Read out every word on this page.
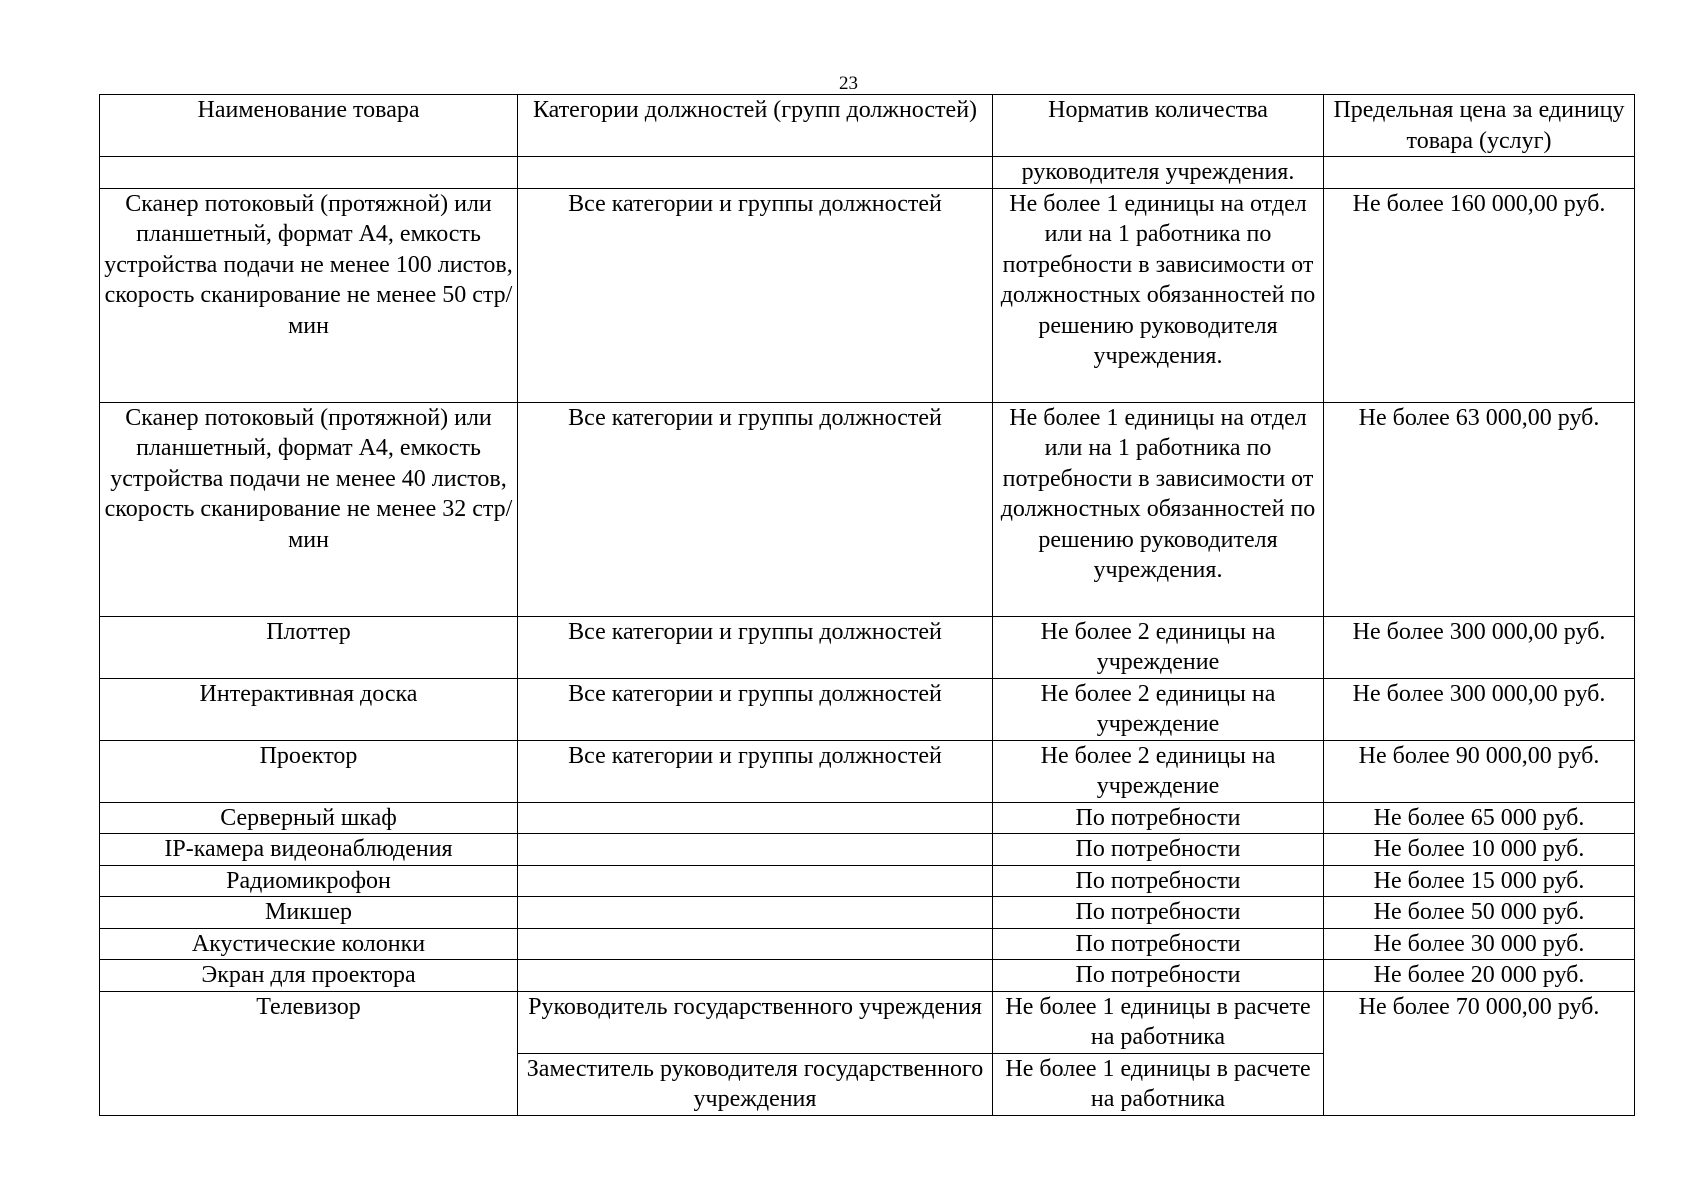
23
Наименование товара	Категории должностей (групп должностей)	Норматив количества	Предельная цена за единицу товара (услуг)
		руководителя учреждения.	
Сканер потоковый (протяжной) или планшетный, формат А4, емкость устройства подачи не менее 100 листов, скорость сканирование не менее 50 стр/мин	Все категории и группы должностей	Не более 1 единицы на отдел или на 1 работника по потребности в зависимости от должностных обязанностей по решению руководителя учреждения.	Не более 160 000,00 руб.
Сканер потоковый (протяжной) или планшетный, формат А4, емкость устройства подачи не менее 40 листов, скорость сканирование не менее 32 стр/мин	Все категории и группы должностей	Не более 1 единицы на отдел или на 1 работника по потребности в зависимости от должностных обязанностей по решению руководителя учреждения.	Не более 63 000,00 руб.
Плоттер	Все категории и группы должностей	Не более 2 единицы на учреждение	Не более 300 000,00 руб.
Интерактивная доска	Все категории и группы должностей	Не более 2 единицы на учреждение	Не более 300 000,00 руб.
Проектор	Все категории и группы должностей	Не более 2 единицы на учреждение	Не более 90 000,00 руб.
Серверный шкаф		По потребности	Не более 65 000 руб.
IP-камера видеонаблюдения		По потребности	Не более 10 000 руб.
Радиомикрофон		По потребности	Не более 15 000 руб.
Микшер		По потребности	Не более 50 000 руб.
Акустические колонки		По потребности	Не более 30 000 руб.
Экран для проектора		По потребности	Не более 20 000 руб.
Телевизор	Руководитель государственного учреждения	Не более 1 единицы в расчете на работника	Не более 70 000,00 руб.
	Заместитель руководителя государственного учреждения	Не более 1 единицы в расчете на работника	
